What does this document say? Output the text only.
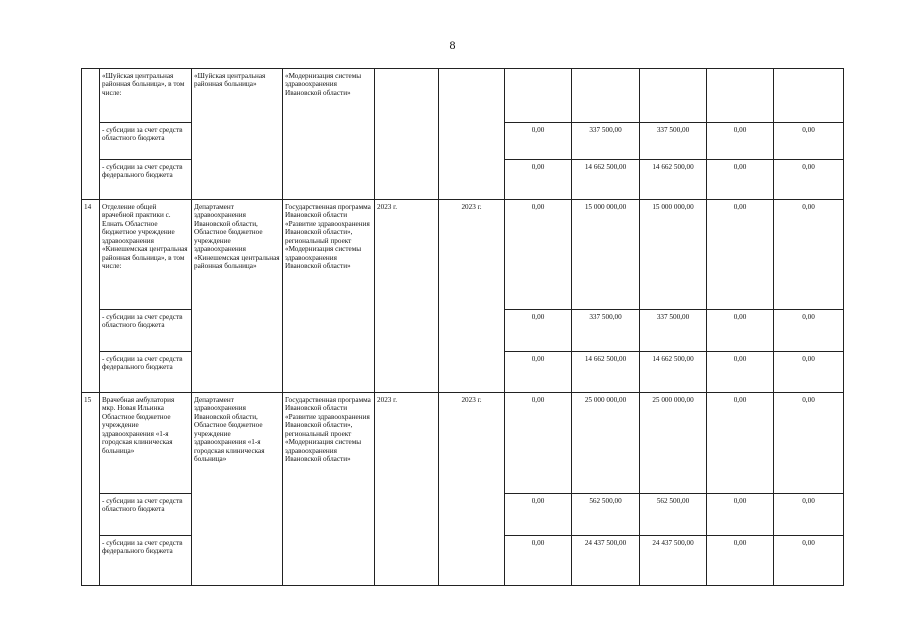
8
	«Шуйская центральная районная больница», в том числе:	«Шуйская центральная районная больница»	«Модернизация системы здравоохранения Ивановской области»							
	- субсидии за счет средств областного бюджета					0,00	337 500,00	337 500,00	0,00	0,00
	- субсидии за счет средств федерального бюджета					0,00	14 662 500,00	14 662 500,00	0,00	0,00
14	Отделение общей врачебной практики с. Елнать Областное бюджетное учреждение здравоохранения «Кинешемская центральная районная больница», в том числе:	Департамент здравоохранения Ивановской области, Областное бюджетное учреждение здравоохранения «Кинешемская центральная районная больница»	Государственная программа Ивановской области «Развитие здравоохранения Ивановской области», региональный проект «Модернизация системы здравоохранения Ивановской области»	2023 г.	2023 г.	0,00	15 000 000,00	15 000 000,00	0,00	0,00
	- субсидии за счет средств областного бюджета					0,00	337 500,00	337 500,00	0,00	0,00
	- субсидии за счет средств федерального бюджета					0,00	14 662 500,00	14 662 500,00	0,00	0,00
15	Врачебная амбулатория мкр. Новая Ильинка Областное бюджетное учреждение здравоохранения «1-я городская клиническая больница»	Департамент здравоохранения Ивановской области, Областное бюджетное учреждение здравоохранения «1-я городская клиническая больница»	Государственная программа Ивановской области «Развитие здравоохранения Ивановской области», региональный проект «Модернизация системы здравоохранения Ивановской области»	2023 г.	2023 г.	0,00	25 000 000,00	25 000 000,00	0,00	0,00
	- субсидии за счет средств областного бюджета					0,00	562 500,00	562 500,00	0,00	0,00
	- субсидии за счет средств федерального бюджета					0,00	24 437 500,00	24 437 500,00	0,00	0,00
